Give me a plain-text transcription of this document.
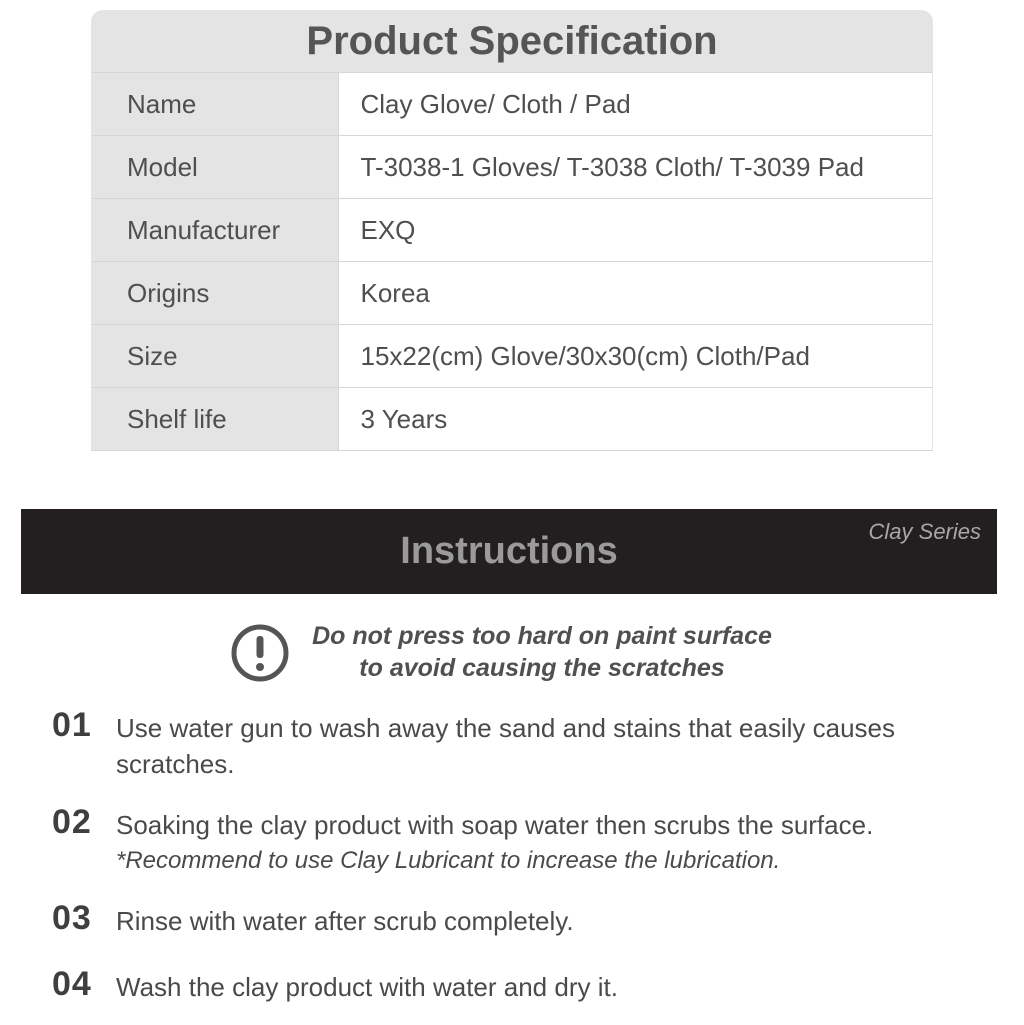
Product Specification
Name	Clay Glove/ Cloth / Pad
Model	T-3038-1 Gloves/ T-3038 Cloth/ T-3039 Pad
Manufacturer	EXQ
Origins	Korea
Size	15x22(cm) Glove/30x30(cm) Cloth/Pad
Shelf life	3 Years
Instructions	Clay Series
Do not press too hard on paint surface
to avoid causing the scratches
01 Use water gun to wash away the sand and stains that easily causes scratches.
02 Soaking the clay product with soap water then scrubs the surface.
*Recommend to use Clay Lubricant to increase the lubrication.
03 Rinse with water after scrub completely.
04 Wash the clay product with water and dry it.
